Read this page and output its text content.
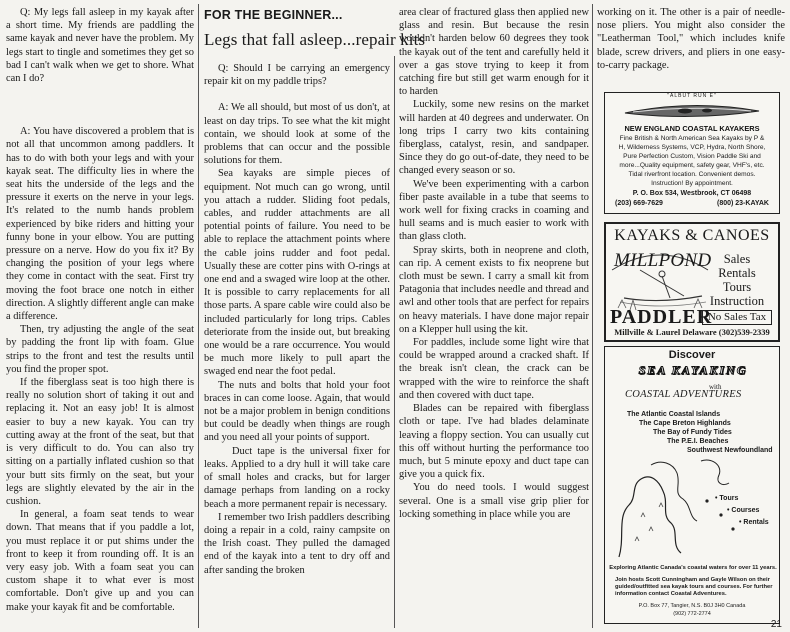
Q: My legs fall asleep in my kayak after a short time. My friends are paddling the same kayak and never have the problem. My legs start to tingle and sometimes they get so bad I can't walk when we get to shore. What can I do?

A: You have discovered a problem that is not all that uncommon among paddlers. It has to do with both your legs and with your kayak seat. The difficulty lies in where the seat hits the underside of the legs and the pressure it exerts on the nerve in your legs. It's related to the numb hands problem experienced by bike riders and hitting your funny bone in your elbow. You are putting pressure on a nerve. How do you fix it? By changing the position of your legs where they come in contact with the seat. First try moving the foot brace one notch in either direction. A slightly different angle can make a difference.

Then, try adjusting the angle of the seat by padding the front lip with foam. Glue strips to the front and test the results until you find the proper spot.

If the fiberglass seat is too high there is really no solution short of taking it out and replacing it. Not an easy job! It is almost easier to buy a new kayak. You can try cutting away at the front of the seat, but that is very difficult to do. You can also try sitting on a partially inflated cushion so that your butt sits firmly on the seat, but your legs are slightly elevated by the air in the cushion.

In general, a foam seat tends to wear down. That means that if you paddle a lot, you must replace it or put shims under the front to keep it from rounding off. It is an very easy job. With a foam seat you can custom shape it to what ever is most comfortable. Don't give up and you can make your kayak fit and be comfortable.

FOR THE BEGINNER...
Legs that fall asleep...repair kits

Q: Should I be carrying an emergency repair kit on my paddle trips?

A: We all should, but most of us don't, at least on day trips. To see what the kit might contain, we should look at some of the problems that can occur and the possible solutions for them.

Sea kayaks are simple pieces of equipment. Not much can go wrong, until you attach a rudder. Sliding foot pedals, cables, and rudder attachments are all potential points of failure. You need to be able to replace the attachment points where the cable joins rudder and foot pedal. Usually these are cotter pins with O-rings at one end and a swaged wire loop at the other. It is possible to carry replacements for all those parts. A spare cable wire could also be included particularly for long trips. Cables deteriorate from the inside out, but breaking one would be a rare occurrence. You would be much more likely to pull apart the swaged end near the foot pedal.

The nuts and bolts that hold your foot braces in can come loose. Again, that would not be a major problem in benign conditions but could be deadly when things are rough and you need all your points of support.

Duct tape is the universal fixer for leaks. Applied to a dry hull it will take care of small holes and cracks, but for larger damage perhaps from landing on a rocky beach a more permanent repair is necessary.

I remember two Irish paddlers describing doing a repair in a cold, rainy campsite on the Irish coast. They pulled the damaged end of the kayak into a tent to dry off and after sanding the broken

area clear of fractured glass then applied new glass and resin. But because the resin wouldn't harden below 60 degrees they took the kayak out of the tent and carefully held it over a gas stove trying to keep it from catching fire but still get warm enough for it to harden

Luckily, some new resins on the market will harden at 40 degrees and underwater. On long trips I carry two kits containing fiberglass, catalyst, resin, and sandpaper. Since they do go out-of-date, they need to be changed every season or so.

We've been experimenting with a carbon fiber paste available in a tube that seems to work well for fixing cracks in coaming and hull seams and is much easier to work with than glass cloth.

Spray skirts, both in neoprene and cloth, can rip. A cement exists to fix neoprene but cloth must be sewn. I carry a small kit from Patagonia that includes needle and thread and awl and other tools that are perfect for repairs on heavy materials. I have done major repair on a Klepper hull using the kit.

For paddles, include some light wire that could be wrapped around a cracked shaft. If the break isn't clean, the crack can be wrapped with the wire to reinforce the shaft and then covered with duct tape.

Blades can be repaired with fiberglass cloth or tape. I've had blades delaminate leaving a floppy section. You can usually cut this off without hurting the performance too much, but 5 minute epoxy and duct tape can give you a quick fix.

You do need tools. I would suggest several. One is a small vise grip plier for locking something in place while you are

working on it. The other is a pair of needle-nose pliers. You might also consider the "Leatherman Tool," which includes knife blade, screw drivers, and pliers in one easy-to-carry package.

"ALBUT RUN E"
NEW ENGLAND COASTAL KAYAKERS
Fine British & North American Sea Kayaks by P &
H, Wilderness Systems, VCP, Hydra, North Shore,
Pure Perfection Custom, Vision Paddle Ski and
more...Quality equipment, safety gear, VHF's, etc.
Tidal riverfront location. Convenient demos.
Instruction! By appointment.
P. O. Box 534, Westbrook, CT 06498
(203) 669-7629	(800) 23-KAYAK
KAYAKS & CANOES
MILLPOND
PADDLER
Sales
Rentals
Tours
Instruction
No Sales Tax
Millville & Laurel Delaware (302)539-2339
Discover
SEA KAYAKING
with
COASTAL ADVENTURES
The Atlantic Coastal Islands
The Cape Breton Highlands
The Bay of Fundy Tides
The P.E.I. Beaches
Southwest Newfoundland
• Tours
• Courses
• Rentals
Exploring Atlantic Canada's coastal waters for over 11 years.
Join hosts Scott Cunningham and Gayle Wilson on their guided/outfitted sea kayak tours and courses. For further information contact Coastal Adventures.
P.O. Box 77, Tangier, N.S. B0J 3H0 Canada
(902) 772-2774
21
